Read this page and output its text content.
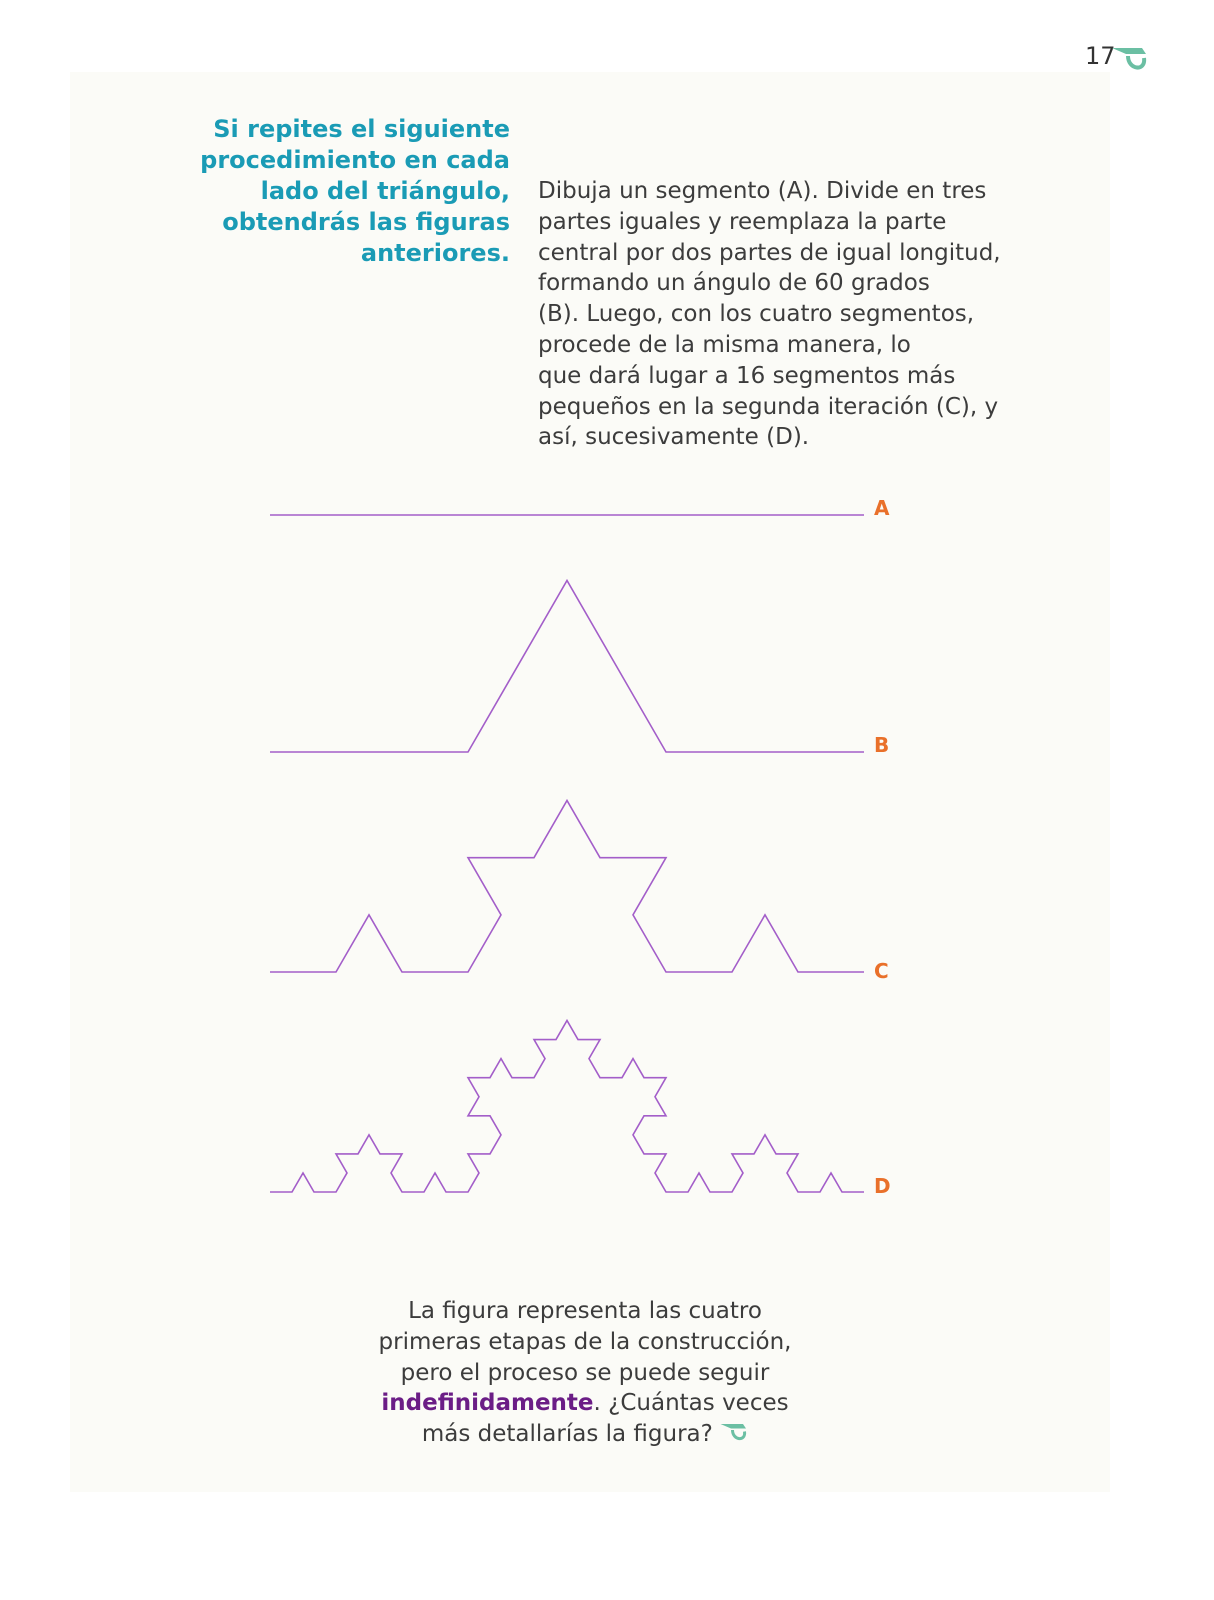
17
Si repites el siguiente
procedimiento en cada
lado del triángulo,
obtendrás las figuras
anteriores.
Dibuja un segmento (A). Divide en tres
partes iguales y reemplaza la parte
central por dos partes de igual longitud,
formando un ángulo de 60 grados
(B). Luego, con los cuatro segmentos,
procede de la misma manera, lo
que dará lugar a 16 segmentos más
pequeños en la segunda iteración (C), y
así, sucesivamente (D).
A
B
C
D
La figura representa las cuatro
primeras etapas de la construcción,
pero el proceso se puede seguir
indefinidamente. ¿Cuántas veces
más detallarías la figura?
